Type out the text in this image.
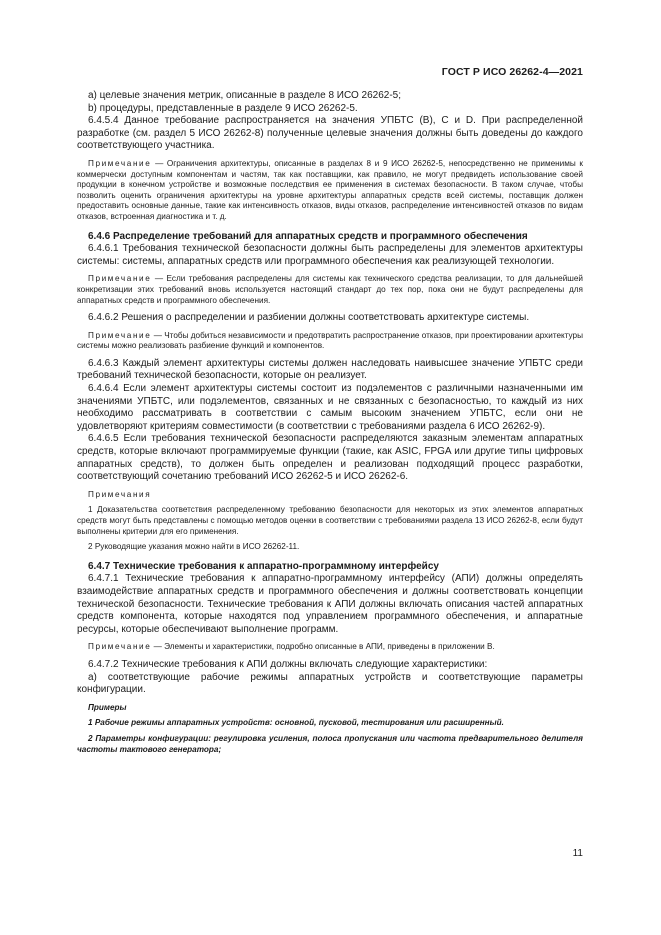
ГОСТ Р ИСО 26262-4—2021

а) целевые значения метрик, описанные в разделе 8 ИСО 26262-5;

b) процедуры, представленные в разделе 9 ИСО 26262-5.

6.4.5.4 Данное требование распространяется на значения УПБТС (В), С и D. При распределенной разработке (см. раздел 5 ИСО 26262-8) полученные целевые значения должны быть доведены до каждого соответствующего участника.

Примечание — Ограничения архитектуры, описанные в разделах 8 и 9 ИСО 26262-5, непосредственно не применимы к коммерчески доступным компонентам и частям, так как поставщики, как правило, не могут предвидеть использование своей продукции в конечном устройстве и возможные последствия ее применения в системах безопасности. В таком случае, чтобы позволить оценить ограничения архитектуры на уровне архитектуры аппаратных средств всей системы, поставщик должен предоставить основные данные, такие как интенсивность отказов, виды отказов, распределение интенсивностей отказов по видам отказов, встроенная диагностика и т. д.

6.4.6 Распределение требований для аппаратных средств и программного обеспечения

6.4.6.1 Требования технической безопасности должны быть распределены для элементов архитектуры системы: системы, аппаратных средств или программного обеспечения как реализующей технологии.

Примечание — Если требования распределены для системы как технического средства реализации, то для дальнейшей конкретизации этих требований вновь используется настоящий стандарт до тех пор, пока они не будут распределены для аппаратных средств и программного обеспечения.

6.4.6.2 Решения о распределении и разбиении должны соответствовать архитектуре системы.

Примечание — Чтобы добиться независимости и предотвратить распространение отказов, при проектировании архитектуры системы можно реализовать разбиение функций и компонентов.

6.4.6.3 Каждый элемент архитектуры системы должен наследовать наивысшее значение УПБТС среди требований технической безопасности, которые он реализует.

6.4.6.4 Если элемент архитектуры системы состоит из подэлементов с различными назначенными им значениями УПБТС, или подэлементов, связанных и не связанных с безопасностью, то каждый из них необходимо рассматривать в соответствии с самым высоким значением УПБТС, если они не удовлетворяют критериям совместимости (в соответствии с требованиями раздела 6 ИСО 26262-9).

6.4.6.5 Если требования технической безопасности распределяются заказным элементам аппаратных средств, которые включают программируемые функции (такие, как ASIC, FPGA или другие типы цифровых аппаратных средств), то должен быть определен и реализован подходящий процесс разработки, соответствующий сочетанию требований ИСО 26262-5 и ИСО 26262-6.

Примечания

1 Доказательства соответствия распределенному требованию безопасности для некоторых из этих элементов аппаратных средств могут быть представлены с помощью методов оценки в соответствии с требованиями раздела 13 ИСО 26262-8, если будут выполнены критерии для его применения.

2 Руководящие указания можно найти в ИСО 26262-11.

6.4.7 Технические требования к аппаратно-программному интерфейсу

6.4.7.1 Технические требования к аппаратно-программному интерфейсу (АПИ) должны определять взаимодействие аппаратных средств и программного обеспечения и должны соответствовать концепции технической безопасности. Технические требования к АПИ должны включать описания частей аппаратных средств компонента, которые находятся под управлением программного обеспечения, и аппаратные ресурсы, которые обеспечивают выполнение программ.

Примечание — Элементы и характеристики, подробно описанные в АПИ, приведены в приложении В.

6.4.7.2 Технические требования к АПИ должны включать следующие характеристики:

а) соответствующие рабочие режимы аппаратных устройств и соответствующие параметры конфигурации.

Примеры

1 Рабочие режимы аппаратных устройств: основной, пусковой, тестирования или расширенный.

2 Параметры конфигурации: регулировка усиления, полоса пропускания или частота предварительного делителя частоты тактового генератора;

11
